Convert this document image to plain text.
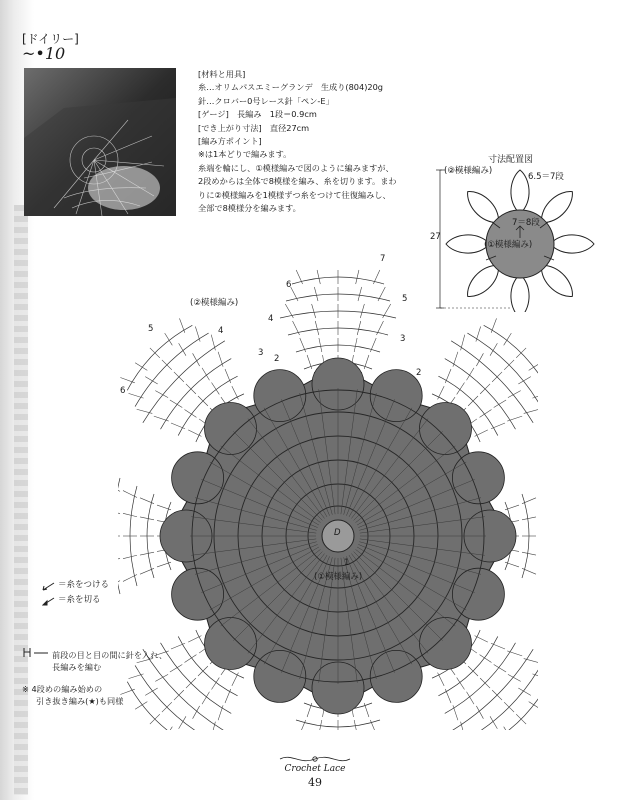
[ドイリー]
~•10
[材料と用具]
糸…オリムパスエミーグランデ　生成り(804)20g
針…クロバー0号レース針「ペン-E」
[ゲージ]　長編み　1段＝0.9cm
[でき上がり寸法]　直径27cm
[編み方ポイント]
※は1本どりで編みます。
糸端を輪にし、①模様編みで図のように編みますが、
2段めからは全体で8模様を編み、糸を切ります。まわ
りに②模様編みを1模様ずつ糸をつけて往復編みし、
全部で8模様分を編みます。
寸法配置図
(②模様編み)
6.5＝7段
7＝8段
(①模様編み)
27
(②模様編み)
(①模様編み)
D
7
6
5
4
3
2
1
6
5	4
3
2
＝糸をつける
＝糸を切る
前段の目と目の間に針を入れ、
長編みを編む
※ 4段めの編み始めの
引き抜き編み(★)も同様
Crochet Lace
49
